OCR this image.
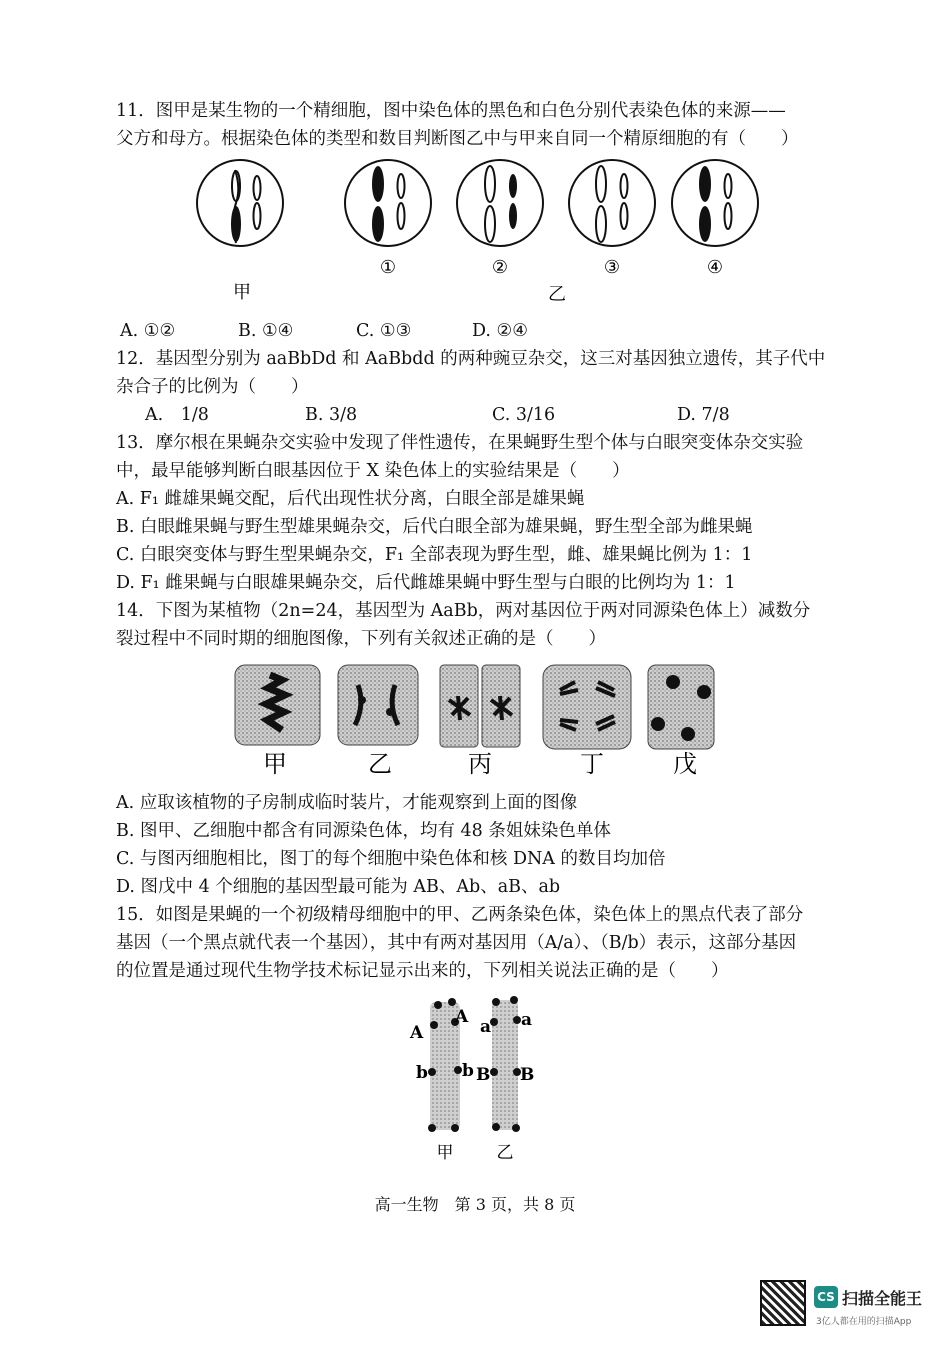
11．图甲是某生物的一个精细胞，图中染色体的黑色和白色分别代表染色体的来源——
父方和母方。根据染色体的类型和数目判断图乙中与甲来自同一个精原细胞的有（　　）
①	②	③	④
甲	乙
A. ①②	B. ①④	C. ①③	D. ②④
12．基因型分别为 aaBbDd 和 AaBbdd 的两种豌豆杂交，这三对基因独立遗传，其子代中
杂合子的比例为（　　）
A.　1/8	B. 3/8	C. 3/16	D. 7/8
13．摩尔根在果蝇杂交实验中发现了伴性遗传，在果蝇野生型个体与白眼突变体杂交实验
中，最早能够判断白眼基因位于 X 染色体上的实验结果是（　　）
A. F₁ 雌雄果蝇交配，后代出现性状分离，白眼全部是雄果蝇
B. 白眼雌果蝇与野生型雄果蝇杂交，后代白眼全部为雄果蝇，野生型全部为雌果蝇
C. 白眼突变体与野生型果蝇杂交，F₁ 全部表现为野生型，雌、雄果蝇比例为 1：1
D. F₁ 雌果蝇与白眼雄果蝇杂交，后代雌雄果蝇中野生型与白眼的比例均为 1：1
14．下图为某植物（2n=24，基因型为 AaBb，两对基因位于两对同源染色体上）减数分
裂过程中不同时期的细胞图像，下列有关叙述正确的是（　　）
甲	乙	丙	丁	戊
A. 应取该植物的子房制成临时装片，才能观察到上面的图像
B. 图甲、乙细胞中都含有同源染色体，均有 48 条姐妹染色单体
C. 与图丙细胞相比，图丁的每个细胞中染色体和核 DNA 的数目均加倍
D. 图戊中 4 个细胞的基因型最可能为 AB、Ab、aB、ab
15．如图是果蝇的一个初级精母细胞中的甲、乙两条染色体，染色体上的黑点代表了部分
基因（一个黑点就代表一个基因），其中有两对基因用（A/a）、（B/b）表示，这部分基因
的位置是通过现代生物学技术标记显示出来的，下列相关说法正确的是（　　）
A
A a a
b b B B
甲	乙
高一生物　第 3 页，共 8 页
CS 扫描全能王
3亿人都在用的扫描App
